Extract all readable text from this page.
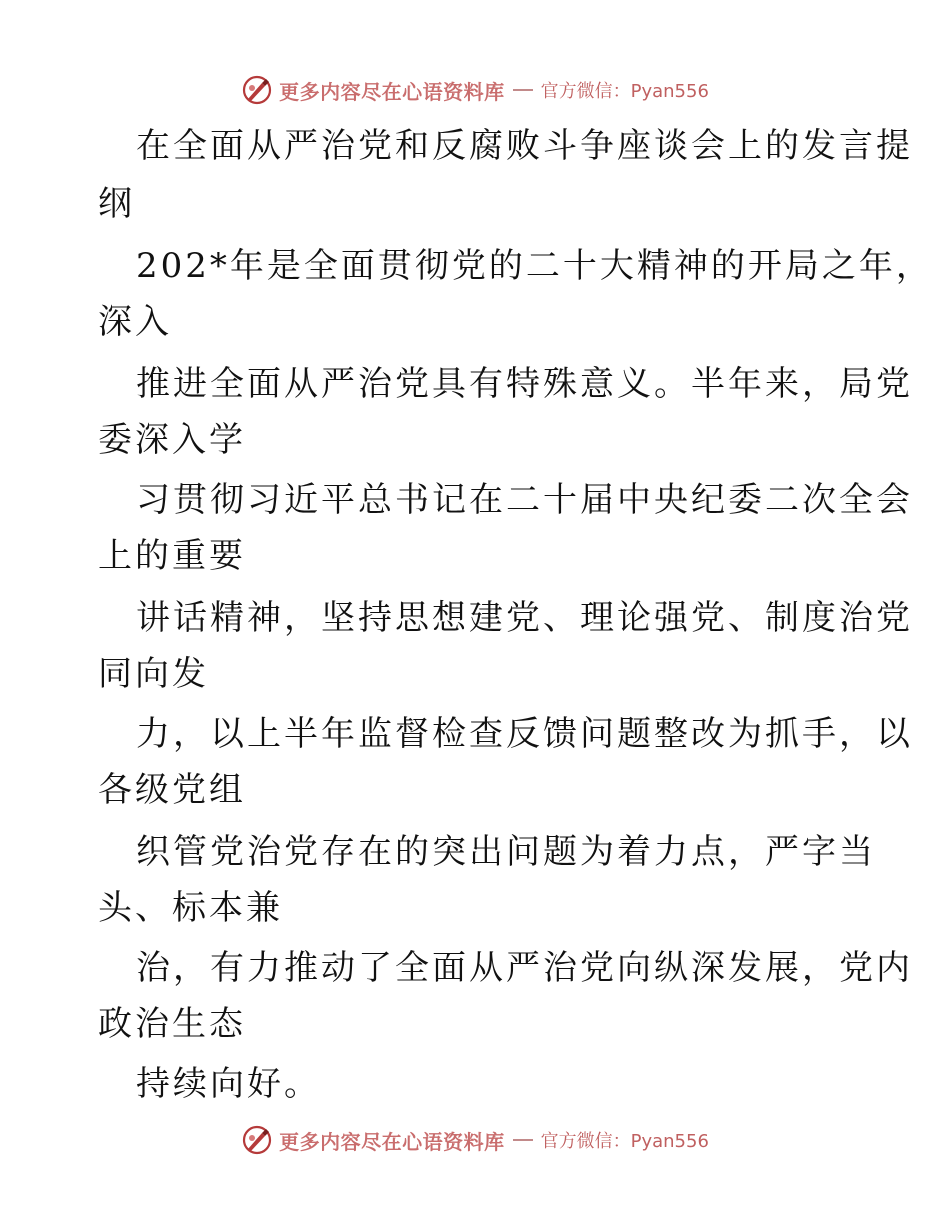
更多内容尽在心语资料库 官方微信：Pyan556
在全面从严治党和反腐败斗争座谈会上的发言提
纲
202*年是全面贯彻党的二十大精神的开局之年，
深入
推进全面从严治党具有特殊意义。半年来，局党
委深入学
习贯彻习近平总书记在二十届中央纪委二次全会
上的重要
讲话精神，坚持思想建党、理论强党、制度治党
同向发
力，以上半年监督检查反馈问题整改为抓手，以
各级党组
织管党治党存在的突出问题为着力点，严字当
头、标本兼
治，有力推动了全面从严治党向纵深发展，党内
政治生态
持续向好。
更多内容尽在心语资料库 官方微信：Pyan556
